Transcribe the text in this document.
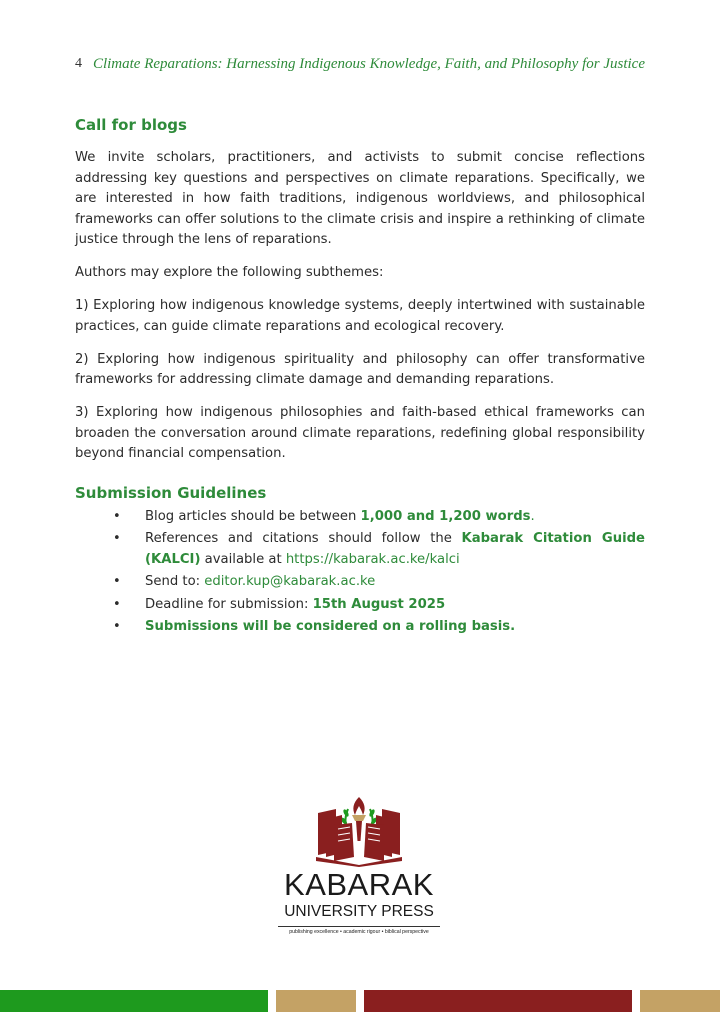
4 Climate Reparations: Harnessing Indigenous Knowledge, Faith, and Philosophy for Justice
Call for blogs

We invite scholars, practitioners, and activists to submit concise reflections addressing key questions and perspectives on climate reparations. Specifically, we are interested in how faith traditions, indigenous worldviews, and philosophical frameworks can offer solutions to the climate crisis and inspire a rethinking of climate justice through the lens of reparations.

Authors may explore the following subthemes:

1) Exploring how indigenous knowledge systems, deeply intertwined with sustainable practices, can guide climate reparations and ecological recovery.

2) Exploring how indigenous spirituality and philosophy can offer transformative frameworks for addressing climate damage and demanding reparations.

3) Exploring how indigenous philosophies and faith-based ethical frameworks can broaden the conversation around climate reparations, redefining global responsibility beyond financial compensation.

Submission Guidelines
• Blog articles should be between 1,000 and 1,200 words.
• References and citations should follow the Kabarak Citation Guide (KALCI) available at https://kabarak.ac.ke/kalci
• Send to: editor.kup@kabarak.ac.ke
• Deadline for submission: 15th August 2025
• Submissions will be considered on a rolling basis.
KABARAK
UNIVERSITY PRESS
publishing excellence • academic rigour • biblical perspective
